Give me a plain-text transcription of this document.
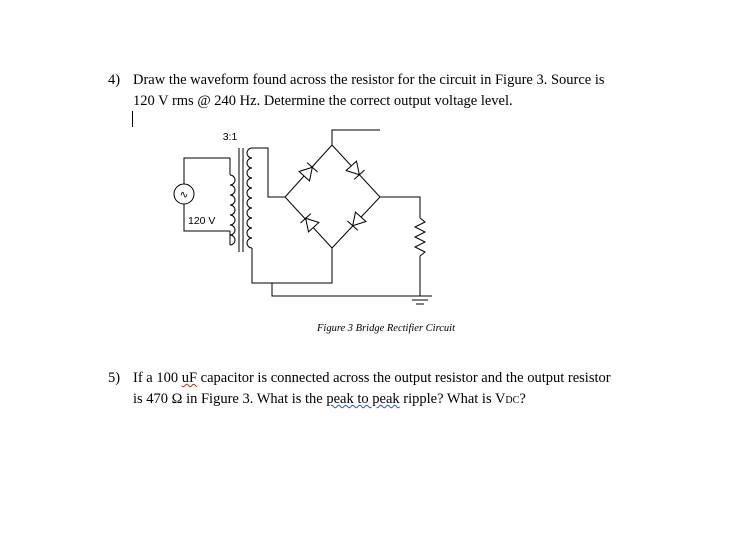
4) Draw the waveform found across the resistor for the circuit in Figure 3. Source is
120 V rms @ 240 Hz. Determine the correct output voltage level.
∿
3:1
120 V
Figure 3 Bridge Rectifier Circuit
5) If a 100 uF capacitor is connected across the output resistor and the output resistor
is 470 Ω in Figure 3. What is the peak to peak ripple? What is VDC?
